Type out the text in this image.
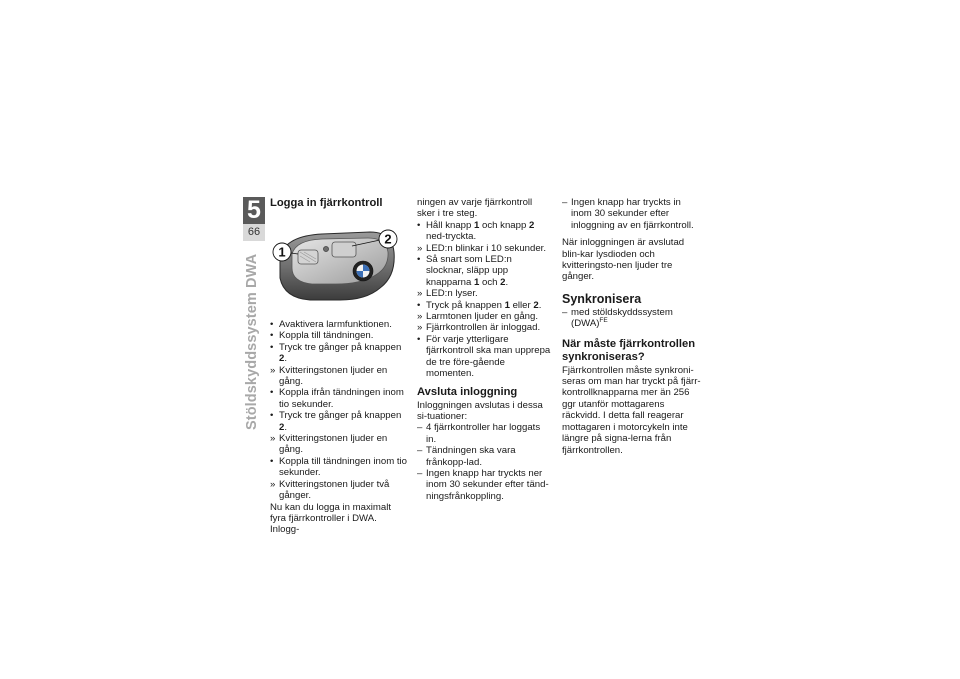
5
66
Stöldskyddssystem DWA
Logga in fjärrkontroll
1
2
• Avaktivera larmfunktionen.
• Koppla till tändningen.
• Tryck tre gånger på knappen 2.
» Kvitteringstonen ljuder en gång.
• Koppla ifrån tändningen inom tio sekunder.
• Tryck tre gånger på knappen 2.
» Kvitteringstonen ljuder en gång.
• Koppla till tändningen inom tio sekunder.
» Kvitteringstonen ljuder två gånger.
Nu kan du logga in maximalt fyra fjärrkontroller i DWA. Inlogg-
ningen av varje fjärrkontroll sker i tre steg.
• Håll knapp 1 och knapp 2 ned-tryckta.
» LED:n blinkar i 10 sekunder.
• Så snart som LED:n slocknar, släpp upp knapparna 1 och 2.
» LED:n lyser.
• Tryck på knappen 1 eller 2.
» Larmtonen ljuder en gång.
» Fjärrkontrollen är inloggad.
• För varje ytterligare fjärrkontroll ska man upprepa de tre före-gående momenten.
Avsluta inloggning
Inloggningen avslutas i dessa si-tuationer:
– 4 fjärrkontroller har loggats in.
– Tändningen ska vara frånkopp-lad.
– Ingen knapp har tryckts ner inom 30 sekunder efter tänd-ningsfrånkoppling.
– Ingen knapp har tryckts in inom 30 sekunder efter inloggning av en fjärrkontroll.

När inloggningen är avslutad blin-kar lysdioden och kvitteringsto-nen ljuder tre gånger.

Synkronisera
– med stöldskyddssystem (DWA)$^{FE}$
När måste fjärrkontrollen synkroniseras?

Fjärrkontrollen måste synkroni-seras om man har tryckt på fjärr-kontrollknapparna mer än 256 ggr utanför mottagarens räckvidd. I detta fall reagerar mottagaren i motorcykeln inte längre på signa-lerna från fjärrkontrollen.
